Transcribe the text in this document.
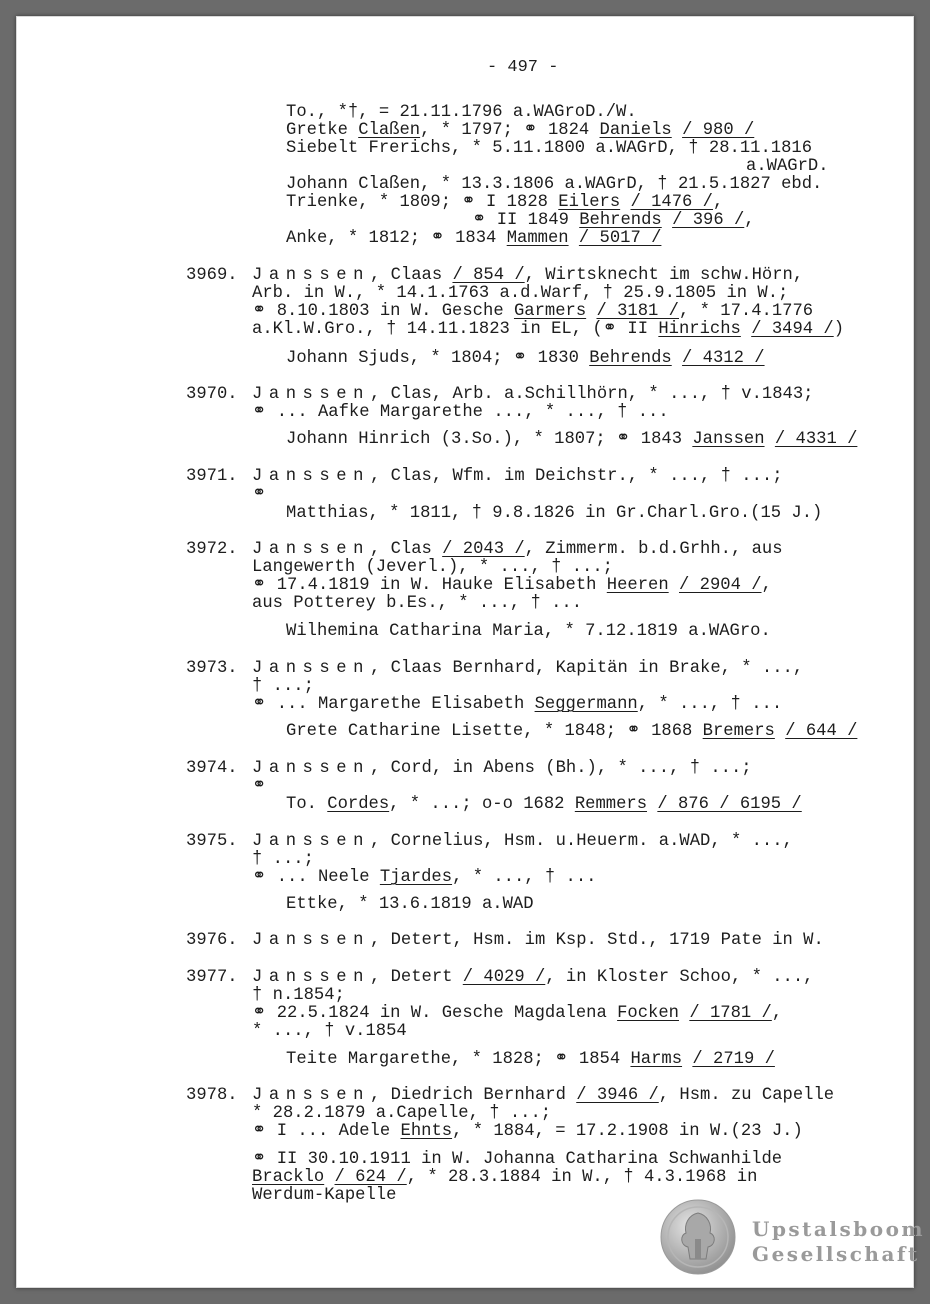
- 497 -
To., *†, = 21.11.1796 a.WAGroD./W.
Gretke Claßen, * 1797; ⚭ 1824 Daniels / 980 /
Siebelt Frerichs, * 5.11.1800 a.WAGrD, † 28.11.1816
a.WAGrD.
Johann Claßen, * 13.3.1806 a.WAGrD, † 21.5.1827 ebd.
Trienke, * 1809; ⚭ I 1828 Eilers / 1476 /,
⚭ II 1849 Behrends / 396 /,
Anke, * 1812; ⚭ 1834 Mammen / 5017 /
3969. Janssen, Claas / 854 /, Wirtsknecht im schw.Hörn,
Arb. in W., * 14.1.1763 a.d.Warf, † 25.9.1805 in W.;
⚭ 8.10.1803 in W. Gesche Garmers / 3181 /, * 17.4.1776
a.Kl.W.Gro., † 14.11.1823 in EL, (⚭ II Hinrichs / 3494 /)
Johann Sjuds, * 1804; ⚭ 1830 Behrends / 4312 /
3970. Janssen, Clas, Arb. a.Schillhörn, * ..., † v.1843;
⚭ ... Aafke Margarethe ..., * ..., † ...
Johann Hinrich (3.So.), * 1807; ⚭ 1843 Janssen / 4331 /
3971. Janssen, Clas, Wfm. im Deichstr., * ..., † ...;
⚭
Matthias, * 1811, † 9.8.1826 in Gr.Charl.Gro.(15 J.)
3972. Janssen, Clas / 2043 /, Zimmerm. b.d.Grhh., aus
Langewerth (Jeverl.), * ..., † ...;
⚭ 17.4.1819 in W. Hauke Elisabeth Heeren / 2904 /,
aus Potterey b.Es., * ..., † ...
Wilhemina Catharina Maria, * 7.12.1819 a.WAGro.
3973. Janssen, Claas Bernhard, Kapitän in Brake, * ...,
† ...;
⚭ ... Margarethe Elisabeth Seggermann, * ..., † ...
Grete Catharine Lisette, * 1848; ⚭ 1868 Bremers / 644 /
3974. Janssen, Cord, in Abens (Bh.), * ..., † ...;
⚭
To. Cordes, * ...; o-o 1682 Remmers / 876 / 6195 /
3975. Janssen, Cornelius, Hsm. u.Heuerm. a.WAD, * ...,
† ...;
⚭ ... Neele Tjardes, * ..., † ...
Ettke, * 13.6.1819 a.WAD
3976. Janssen, Detert, Hsm. im Ksp. Std., 1719 Pate in W.
3977. Janssen, Detert / 4029 /, in Kloster Schoo, * ...,
† n.1854;
⚭ 22.5.1824 in W. Gesche Magdalena Focken / 1781 /,
* ..., † v.1854
Teite Margarethe, * 1828; ⚭ 1854 Harms / 2719 /
3978. Janssen, Diedrich Bernhard / 3946 /, Hsm. zu Capelle
* 28.2.1879 a.Capelle, † ...;
⚭ I ... Adele Ehnts, * 1884, = 17.2.1908 in W.(23 J.)
⚭ II 30.10.1911 in W. Johanna Catharina Schwanhilde
Bracklo / 624 /, * 28.3.1884 in W., † 4.3.1968 in
Werdum-Kapelle
Upstalsboom
Gesellschaft
